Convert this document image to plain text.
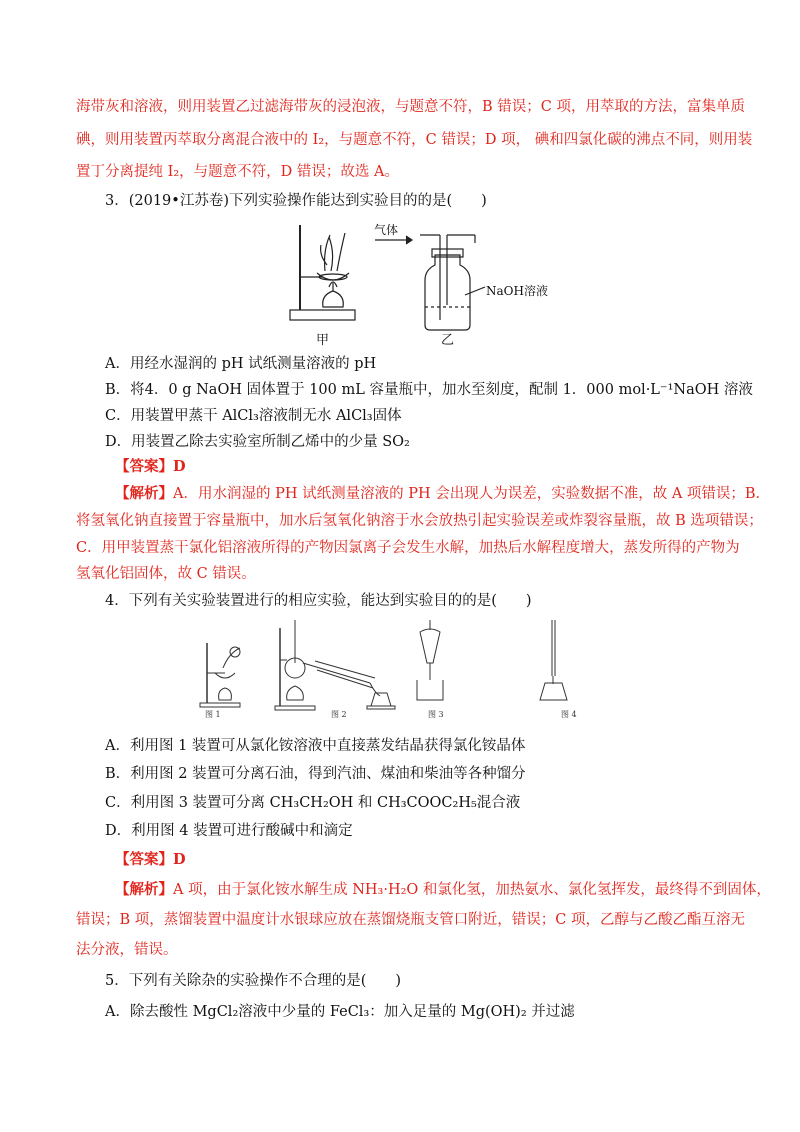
海带灰和溶液，则用装置乙过滤海带灰的浸泡液，与题意不符，B 错误；C 项，用萃取的方法，富集单质
碘，则用装置丙萃取分离混合液中的 I₂，与题意不符，C 错误；D 项， 碘和四氯化碳的沸点不同，则用装
置丁分离提纯 I₂，与题意不符，D 错误；故选 A。
3．(2019•江苏卷)下列实验操作能达到实验目的的是(　　)
气体
NaOH溶液
甲	乙
A．用经水湿润的 pH 试纸测量溶液的 pH
B．将4．0 g NaOH 固体置于 100 mL 容量瓶中，加水至刻度，配制 1．000 mol·L⁻¹NaOH 溶液
C．用装置甲蒸干 AlCl₃溶液制无水 AlCl₃固体
D．用装置乙除去实验室所制乙烯中的少量 SO₂
【答案】D
【解析】A．用水润湿的 PH 试纸测量溶液的 PH 会出现人为误差，实验数据不准，故 A 项错误；B．
将氢氧化钠直接置于容量瓶中，加水后氢氧化钠溶于水会放热引起实验误差或炸裂容量瓶，故 B 选项错误；
C．用甲装置蒸干氯化铝溶液所得的产物因氯离子会发生水解，加热后水解程度增大，蒸发所得的产物为
氢氧化铝固体，故 C 错误。
4．下列有关实验装置进行的相应实验，能达到实验目的的是(　　)
图 1	图 2	图 3	图 4
A．利用图 1 装置可从氯化铵溶液中直接蒸发结晶获得氯化铵晶体
B．利用图 2 装置可分离石油，得到汽油、煤油和柴油等各种馏分
C．利用图 3 装置可分离 CH₃CH₂OH 和 CH₃COOC₂H₅混合液
D．利用图 4 装置可进行酸碱中和滴定
【答案】D
【解析】A 项，由于氯化铵水解生成 NH₃·H₂O 和氯化氢，加热氨水、氯化氢挥发，最终得不到固体，
错误；B 项，蒸馏装置中温度计水银球应放在蒸馏烧瓶支管口附近，错误；C 项，乙醇与乙酸乙酯互溶无
法分液，错误。
5．下列有关除杂的实验操作不合理的是(　　)
A．除去酸性 MgCl₂溶液中少量的 FeCl₃：加入足量的 Mg(OH)₂ 并过滤
